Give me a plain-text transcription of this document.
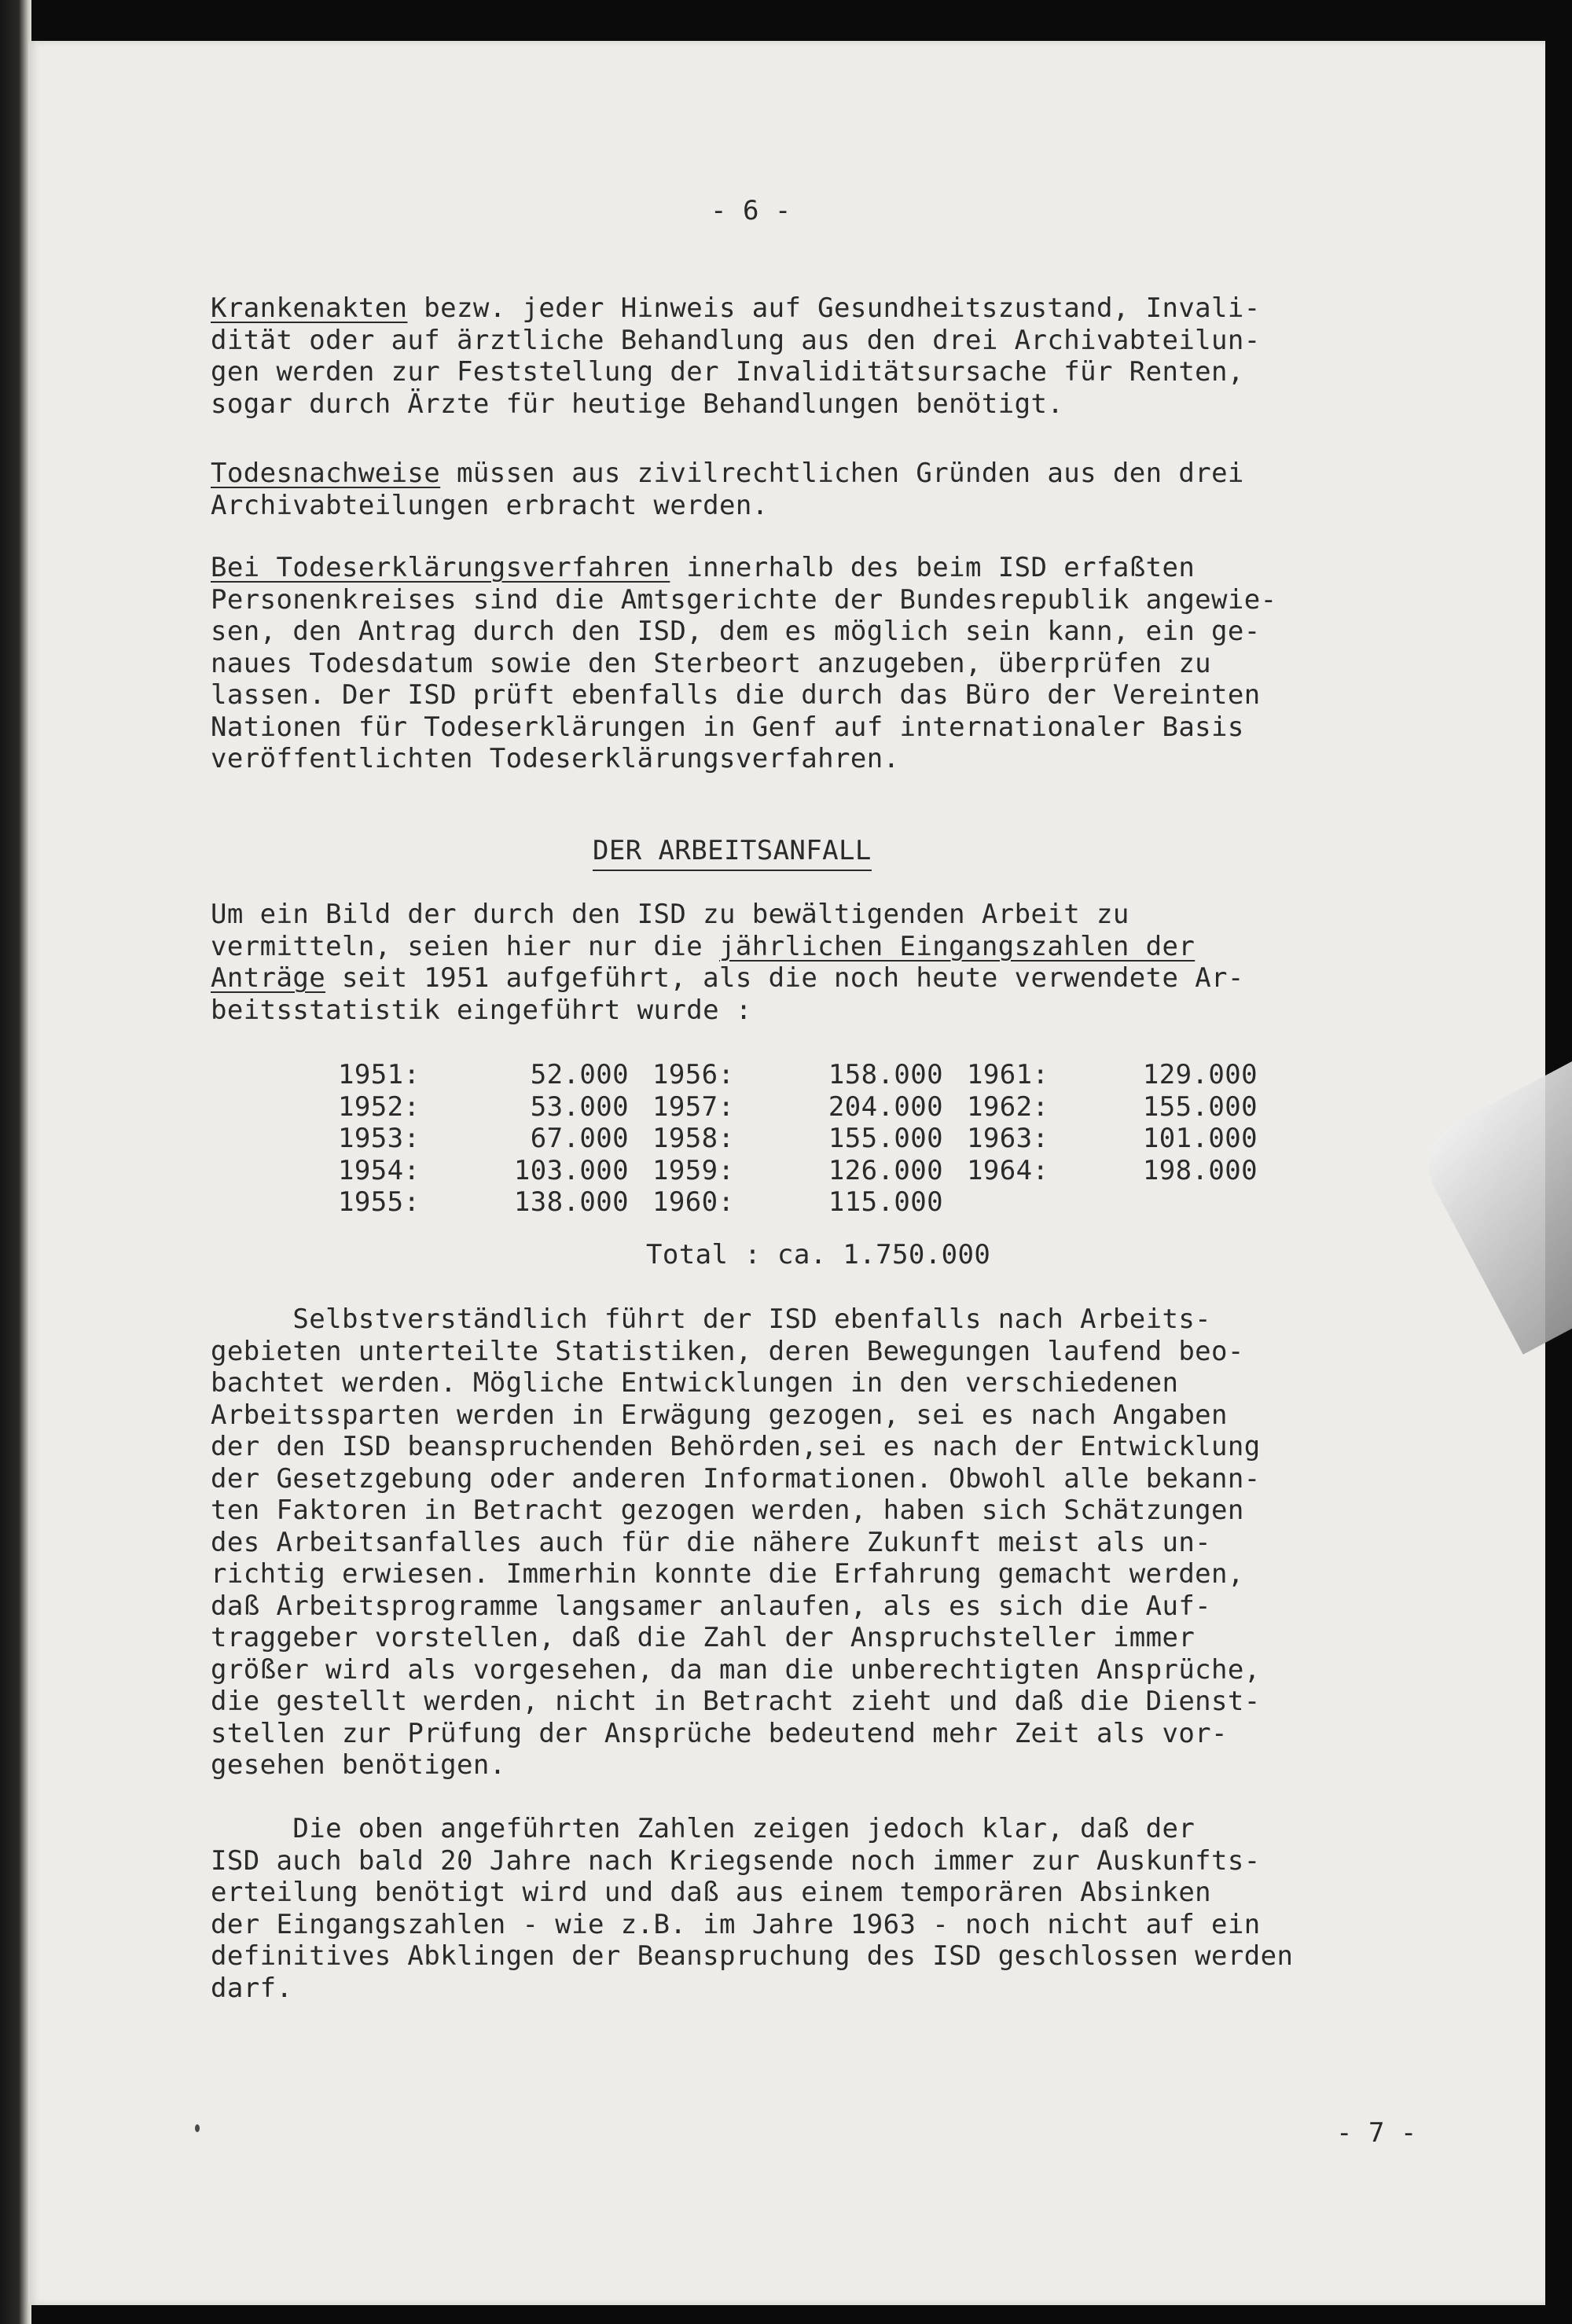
- 6 -
Krankenakten bezw. jeder Hinweis auf Gesundheitszustand, Invali-
dität oder auf ärztliche Behandlung aus den drei Archivabteilun-
gen werden zur Feststellung der Invaliditätsursache für Renten,
sogar durch Ärzte für heutige Behandlungen benötigt.
Todesnachweise müssen aus zivilrechtlichen Gründen aus den drei
Archivabteilungen erbracht werden.
Bei Todeserklärungsverfahren innerhalb des beim ISD erfaßten
Personenkreises sind die Amtsgerichte der Bundesrepublik angewie-
sen, den Antrag durch den ISD, dem es möglich sein kann, ein ge-
naues Todesdatum sowie den Sterbeort anzugeben, überprüfen zu
lassen. Der ISD prüft ebenfalls die durch das Büro der Vereinten
Nationen für Todeserklärungen in Genf auf internationaler Basis
veröffentlichten Todeserklärungsverfahren.
DER ARBEITSANFALL
Um ein Bild der durch den ISD zu bewältigenden Arbeit zu
vermitteln, seien hier nur die jährlichen Eingangszahlen der
Anträge seit 1951 aufgeführt, als die noch heute verwendete Ar-
beitsstatistik eingeführt wurde :
1951:	52.000	1956:	158.000	1961:	129.000
1952:	53.000	1957:	204.000	1962:	155.000
1953:	67.000	1958:	155.000	1963:	101.000
1954:	103.000	1959:	126.000	1964:	198.000
1955:	138.000	1960:	115.000		
Total : ca. 1.750.000
Selbstverständlich führt der ISD ebenfalls nach Arbeits-
gebieten unterteilte Statistiken, deren Bewegungen laufend beo-
bachtet werden. Mögliche Entwicklungen in den verschiedenen
Arbeitssparten werden in Erwägung gezogen, sei es nach Angaben
der den ISD beanspruchenden Behörden,sei es nach der Entwicklung
der Gesetzgebung oder anderen Informationen. Obwohl alle bekann-
ten Faktoren in Betracht gezogen werden, haben sich Schätzungen
des Arbeitsanfalles auch für die nähere Zukunft meist als un-
richtig erwiesen. Immerhin konnte die Erfahrung gemacht werden,
daß Arbeitsprogramme langsamer anlaufen, als es sich die Auf-
traggeber vorstellen, daß die Zahl der Anspruchsteller immer
größer wird als vorgesehen, da man die unberechtigten Ansprüche,
die gestellt werden, nicht in Betracht zieht und daß die Dienst-
stellen zur Prüfung der Ansprüche bedeutend mehr Zeit als vor-
gesehen benötigen.
Die oben angeführten Zahlen zeigen jedoch klar, daß der
ISD auch bald 20 Jahre nach Kriegsende noch immer zur Auskunfts-
erteilung benötigt wird und daß aus einem temporären Absinken
der Eingangszahlen - wie z.B. im Jahre 1963 - noch nicht auf ein
definitives Abklingen der Beanspruchung des ISD geschlossen werden
darf.
- 7 -
